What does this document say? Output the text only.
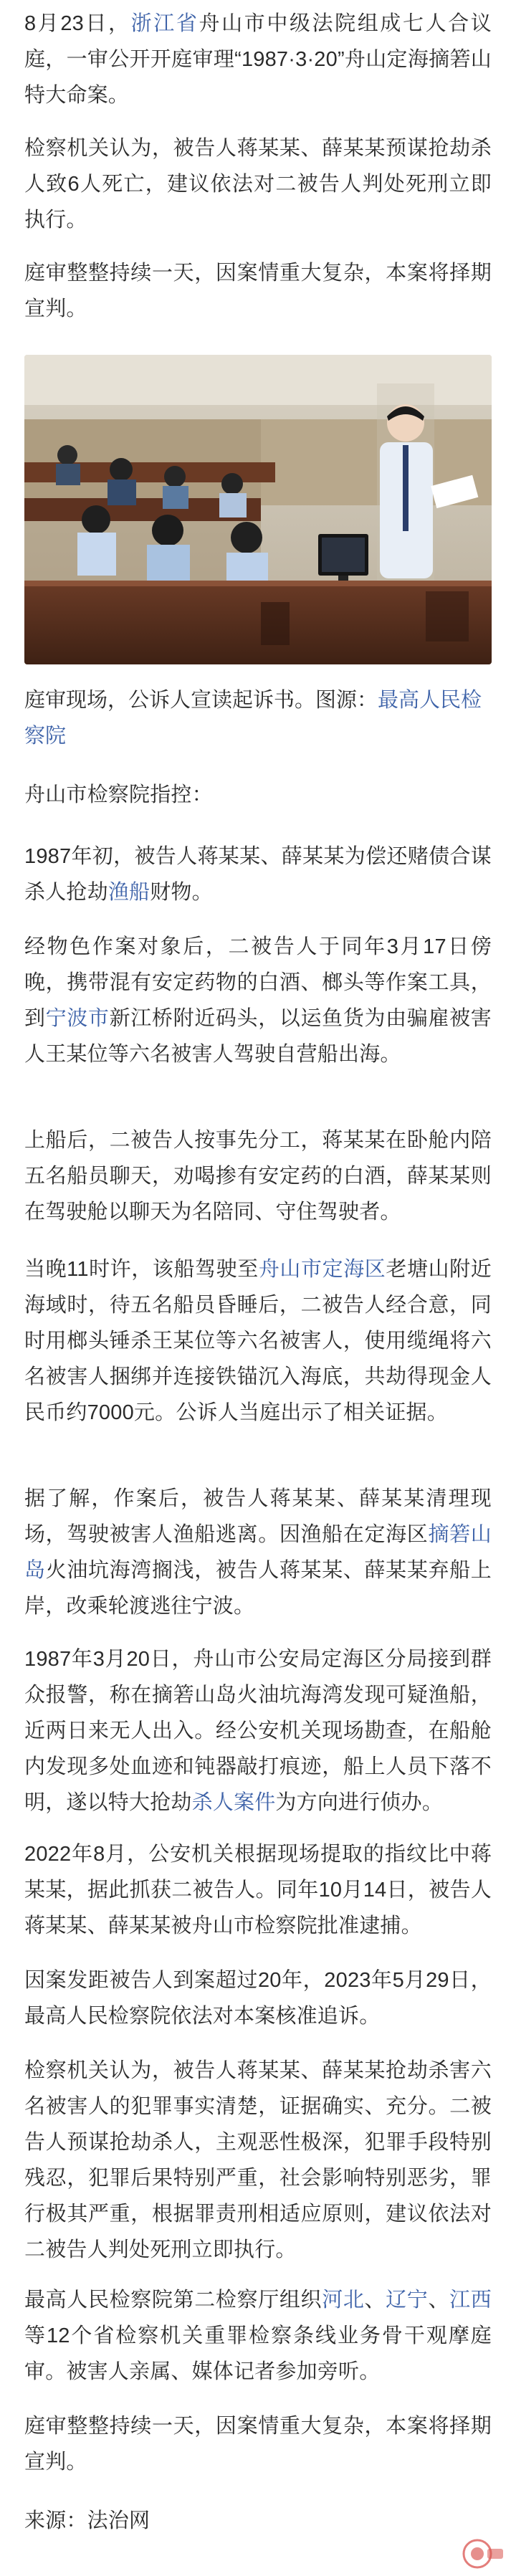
8月23日，浙江省舟山市中级法院组成七人合议庭，一审公开开庭审理“1987·3·20”舟山定海摘箬山特大命案。

检察机关认为，被告人蒋某某、薛某某预谋抢劫杀人致6人死亡，建议依法对二被告人判处死刑立即执行。

庭审整整持续一天，因案情重大复杂，本案将择期宣判。

庭审现场，公诉人宣读起诉书。图源：最高人民检察院

舟山市检察院指控：

1987年初，被告人蒋某某、薛某某为偿还赌债合谋杀人抢劫渔船财物。

经物色作案对象后，二被告人于同年3月17日傍晚，携带混有安定药物的白酒、榔头等作案工具，到宁波市新江桥附近码头，以运鱼货为由骗雇被害人王某位等六名被害人驾驶自营船出海。

上船后，二被告人按事先分工，蒋某某在卧舱内陪五名船员聊天，劝喝掺有安定药的白酒，薛某某则在驾驶舱以聊天为名陪同、守住驾驶者。

当晚11时许，该船驾驶至舟山市定海区老塘山附近海域时，待五名船员昏睡后，二被告人经合意，同时用榔头锤杀王某位等六名被害人，使用缆绳将六名被害人捆绑并连接铁锚沉入海底，共劫得现金人民币约7000元。公诉人当庭出示了相关证据。

据了解，作案后，被告人蒋某某、薛某某清理现场，驾驶被害人渔船逃离。因渔船在定海区摘箬山岛火油坑海湾搁浅，被告人蒋某某、薛某某弃船上岸，改乘轮渡逃往宁波。

1987年3月20日，舟山市公安局定海区分局接到群众报警，称在摘箬山岛火油坑海湾发现可疑渔船，近两日来无人出入。经公安机关现场勘查，在船舱内发现多处血迹和钝器敲打痕迹，船上人员下落不明，遂以特大抢劫杀人案件为方向进行侦办。

2022年8月，公安机关根据现场提取的指纹比中蒋某某，据此抓获二被告人。同年10月14日，被告人蒋某某、薛某某被舟山市检察院批准逮捕。

因案发距被告人到案超过20年，2023年5月29日，最高人民检察院依法对本案核准追诉。

检察机关认为，被告人蒋某某、薛某某抢劫杀害六名被害人的犯罪事实清楚，证据确实、充分。二被告人预谋抢劫杀人，主观恶性极深，犯罪手段特别残忍，犯罪后果特别严重，社会影响特别恶劣，罪行极其严重，根据罪责刑相适应原则，建议依法对二被告人判处死刑立即执行。

最高人民检察院第二检察厅组织河北、辽宁、江西等12个省检察机关重罪检察条线业务骨干观摩庭审。被害人亲属、媒体记者参加旁听。

庭审整整持续一天，因案情重大复杂，本案将择期宣判。

来源：法治网
